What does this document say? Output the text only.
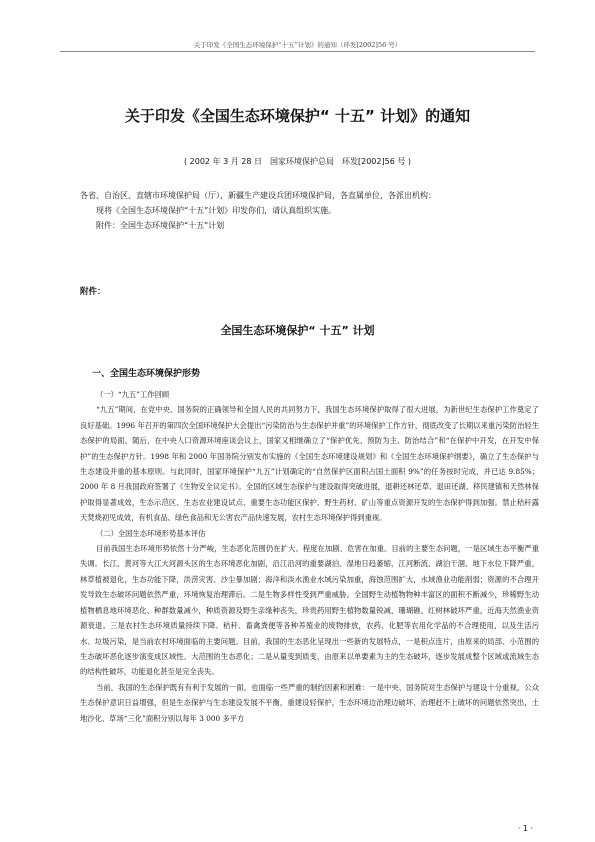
关于印发《全国生态环境保护“十五”计划》的通知（环发[2002]56 号）
关于印发《全国生态环境保护“ 十五” 计划》的通知
( 2002 年 3 月 28 日　国家环境保护总局　环发[2002]56 号 )
各省、自治区、直辖市环境保护局（厅），新疆生产建设兵团环境保护局，各直属单位，各派出机构：
现将《全国生态环境保护“十五”计划》印发你们，请认真组织实施。
附件：全国生态环境保护“十五”计划
附件：
全国生态环境保护“ 十五” 计划
一、全国生态环境保护形势

（一）“九五”工作回顾

“九五”期间，在党中央、国务院的正确领导和全国人民的共同努力下，我国生态环境保护取得了很大进展，为新世纪生态保护工作奠定了良好基础。1996 年召开的第四次全国环境保护大会提出“污染防治与生态保护并重”的环境保护工作方针，彻底改变了长期以来重污染防治轻生态保护的局面。随后，在中央人口资源环境座谈会议上，国家又相继确立了“保护优先、预防为主、防治结合”和“在保护中开发，在开发中保护”的生态保护方针。1998 年和 2000 年国务院分别发布实施的《全国生态环境建设规划》和《全国生态环境保护纲要》，确立了生态保护与生态建设并重的基本原则。与此同时，国家环境保护“九五”计划确定的“自然保护区面积占国土面积 9%”的任务按时完成，并已达 9.85%；2000 年 8 月我国政府签署了《生物安全议定书》。全国的区域生态保护与建设取得突破进展，退耕还林还草、退田还湖、移民建镇和天然林保护取得显著成效，生态示范区、生态农业建设试点、重要生态功能区保护、野生药材、矿山等重点资源开发的生态保护得到加强。禁止秸秆露天焚烧初见成效，有机食品、绿色食品和无公害农产品快速发展，农村生态环境保护得到重视。

（二）全国生态环境形势基本评估

目前我国生态环境形势依然十分严峻，生态恶化范围仍在扩大、程度在加剧、危害在加重。目前的主要生态问题，一是区域生态平衡严重失调。长江、黄河等大江大河源头区的生态环境恶化加剧，沿江沿河的重要湖泊、湿地日趋萎缩，江河断流、湖泊干涸、地下水位下降严重，林草植被退化，生态功能下降，洪涝灾害、沙尘暴加剧；海洋和淡水渔业水域污染加重，海蚀范围扩大，水域渔业功能削弱；资源的不合理开发导致生态破坏问题依然严重，环境恢复治理滞后。二是生物多样性受到严重威胁。全国野生动植物物种丰富区的面积不断减少，珍稀野生动植物栖息地环境恶化、种群数量减少，种质资源及野生亲缘种丧失，珍贵药用野生植物数量锐减，珊瑚礁、红树林破坏严重，近海天然渔业资源衰退。三是农村生态环境质量持续下降。秸秆、畜禽粪便等各种养殖业的废物排放，农药、化肥等农用化学品的不合理使用，以及生活污水、垃圾污染，是当前农村环境面临的主要问题。目前，我国的生态恶化呈现出一些新的发展特点，一是积点连片，由原来的局部、小范围的生态破坏恶化逐步演变成区域性、大范围的生态恶化；二是从量变到质变，由原来以单要素为主的生态破坏，逐步发展成整个区域或流域生态的结构性破坏，功能退化甚至是完全丧失。

当前，我国的生态保护既有有利于发展的一面，也面临一些严重的制约因素和困难：一是中央、国务院对生态保护与建设十分重视，公众生态保护意识日益增强，但是生态保护与生态建设发展不平衡，重建设轻保护，生态环境边治理边破坏、治理赶不上破坏的问题依然突出，土地沙化、草场“三化”面积分别以每年 3 000 多平方

· 1 ·
